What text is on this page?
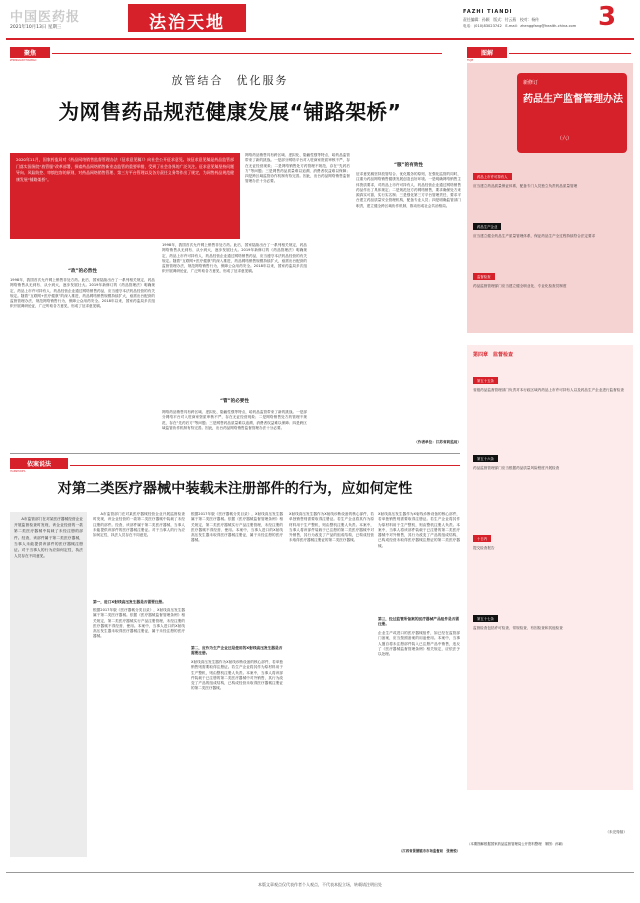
中国医药报
2021年10月13日 星期三	法治天地
FAZHI TIANDI
责任编辑：孙颖　版式：付云燕　校对：杨传
电话：(010)83023742　E-mail：zhenggfang@health-china.com 3
聚焦
ZHONGGUOYIYAOBAO
放管结合　优化服务
为网售药品规范健康发展“铺路架桥”
2020年11月，国家药监局对《药品网络销售监督管理办法（征求意见稿）》向社会公开征求意见。该征求意见稿是药品监管部门落实国务院“放管服”改革部署，探索药品网络销售新业态监管的重要举措，受到了社会各界的广泛关注。征求意见稿坚持问题导向、风险防控、审慎包容的原则，对药品网络销售管理、第三方平台管理以及各方责任义务等作出了规定，为网售药品规范健康发展“铺路架桥”。
“政”的必然性
1998年，我国首次允许网上销售非处方药。此后，国家陆续出台了一系列相关规定，药品网络销售从无到有、从小到大，逐步发展壮大。2019年新修订的《药品管理法》明确规定，药品上市许可持有人、药品经营企业通过网络销售药品，应当遵守本法药品经营的有关规定。随着“互联网+医疗健康”的深入推进，药品网络销售规模持续扩大，亟需出台配套的监督管理办法，规范网络销售行为，保障公众用药安全。2018年以来，国家药监局多次组织开展调研论证，广泛听取各方意见，形成了征求意见稿。
1998年，我国首次允许网上销售非处方药。此后，国家陆续出台了一系列相关规定，药品网络销售从无到有、从小到大，逐步发展壮大。2019年新修订的《药品管理法》明确规定，药品上市许可持有人、药品经营企业通过网络销售药品，应当遵守本法药品经营的有关规定。随着“互联网+医疗健康”的深入推进，药品网络销售规模持续扩大，亟需出台配套的监督管理办法，规范网络销售行为，保障公众用药安全。2018年以来，国家药监局多次组织开展调研论证，广泛听取各方意见，形成了征求意见稿。
“管”的必要性
网络药品销售具有跨区域、虚拟化、隐蔽性强等特点，给药品监管带来了新的挑战。一是部分网络平台对入驻商家资质审核不严，存在无证经营现象；二是网络销售处方药管理不规范，存在“先药后方”等问题；三是网售药品质量难以追溯，消费者权益难以保障；四是跨区域监管协作机制有待完善。因此，出台药品网络销售监督管理办法十分必要。
网络药品销售具有跨区域、虚拟化、隐蔽性强等特点，给药品监管带来了新的挑战。一是部分网络平台对入驻商家资质审核不严，存在无证经营现象；二是网络销售处方药管理不规范，存在“先药后方”等问题；三是网售药品质量难以追溯，消费者权益难以保障；四是跨区域监管协作机制有待完善。因此，出台药品网络销售监督管理办法十分必要。
“服”的有效性
征求意见稿坚持放管结合、优化服务的原则，在强化监管的同时，注重为药品网络销售健康发展创造良好环境。一是明确网络销售主体资质要求，对药品上市许可持有人、药品经营企业通过网络销售药品作出了具体规定；二是规范处方药网络销售，要求确保处方来源真实可靠，实行实名制；三是强化第三方平台管理责任，要求平台建立药品质量安全管理机构，配备专业人员；四是明确监管部门职责，建立健全跨区域协作机制，推动形成社会共治格局。
（作者单位：江苏省药监局）
依案说法
YIANSHUOFA
对第二类医疗器械中装载未注册部件的行为，应如何定性
　　A市监管部门在对某医疗器械经营企业开展监督检查时发现，该企业经营的一款第二类医疗器械中装载了未经注册的部件。经查，该部件属于第二类医疗器械，当事人未能提供该部件的医疗器械注册证。对于当事人的行为应如何定性，执法人员存在不同意见。
　　A市监管部门在对某医疗器械经营企业开展监督检查时发现，该企业经营的一款第二类医疗器械中装载了未经注册的部件。经查，该部件属于第二类医疗器械，当事人未能提供该部件的医疗器械注册证。对于当事人的行为应如何定性，执法人员存在不同意见。
第一，进口X射线高压发生器是否需要注册。
根据2017年版《医疗器械分类目录》，X射线高压发生器属于第二类医疗器械。依据《医疗器械监督管理条例》相关规定，第二类医疗器械实行产品注册管理，未经注册的医疗器械不得经营、使用。本案中，当事人进口的X射线高压发生器未取得医疗器械注册证，属于未经注册的医疗器械。
根据2017年版《医疗器械分类目录》，X射线高压发生器属于第二类医疗器械。依据《医疗器械监督管理条例》相关规定，第二类医疗器械实行产品注册管理，未经注册的医疗器械不得经营、使用。本案中，当事人进口的X射线高压发生器未取得医疗器械注册证，属于未经注册的医疗器械。
第二，应作为生产企业还是使用的X射线高压发生器是否需要注册。
X射线高压发生器作为X射线诊断设备的核心部件，若单独销售则需要取得注册证。若生产企业将其作为原材料用于生产整机，则由整机注册人负责。本案中，当事人将该部件装载于已注册的第二类医疗器械中对外销售，其行为改变了产品的组成结构，已构成经营未取得医疗器械注册证的第二类医疗器械。
X射线高压发生器作为X射线诊断设备的核心部件，若单独销售则需要取得注册证。若生产企业将其作为原材料用于生产整机，则由整机注册人负责。本案中，当事人将该部件装载于已注册的第二类医疗器械中对外销售，其行为改变了产品的组成结构，已构成经营未取得医疗器械注册证的第二类医疗器械。
X射线高压发生器作为X射线诊断设备的核心部件，若单独销售则需要取得注册证。若生产企业将其作为原材料用于生产整机，则由整机注册人负责。本案中，当事人将该部件装载于已注册的第二类医疗器械中对外销售，其行为改变了产品的组成结构，已构成经营未取得医疗器械注册证的第二类医疗器械。
第三，经过监管所备案的医疗器械产品组件是否需注册。
企业生产或进口的医疗器械组件，如已经在监管部门备案，应当按照备案的用途使用。本案中，当事人擅自将未注册部件装入已注册产品中销售，违反了《医疗器械监督管理条例》相关规定，应依法予以处理。
（江西省景德镇市市场监督局　张俊悦）
图解
TUJIE
新修订
药品生产监督管理办法
（六）
药品上市许可持有人
应当建立药品质量保证体系，配备专门人员独立负责药品质量管理
药品生产企业
应当建立健全药品生产质量管理体系，保证药品生产全过程持续符合法定要求
监督检查
药品监督管理部门应当建立健全职业化、专业化检查员制度
第四章　监督检查
第五十五条
省级药品监督管理部门负责对本行政区域内药品上市许可持有人以及药品生产企业进行监督检查
第五十六条
药品监督管理部门应当根据药品质量风险程度开展检查
十日内
提交检查报告
第五十七条
监督检查包括许可检查、常规检查、有因检查和其他检查
（未完待续）
（本期图解根据国家药品监督管理局公开资料整理　制图：孙颖）
本版文章观点仅代表作者个人观点，不代表本报立场，转载请注明出处
